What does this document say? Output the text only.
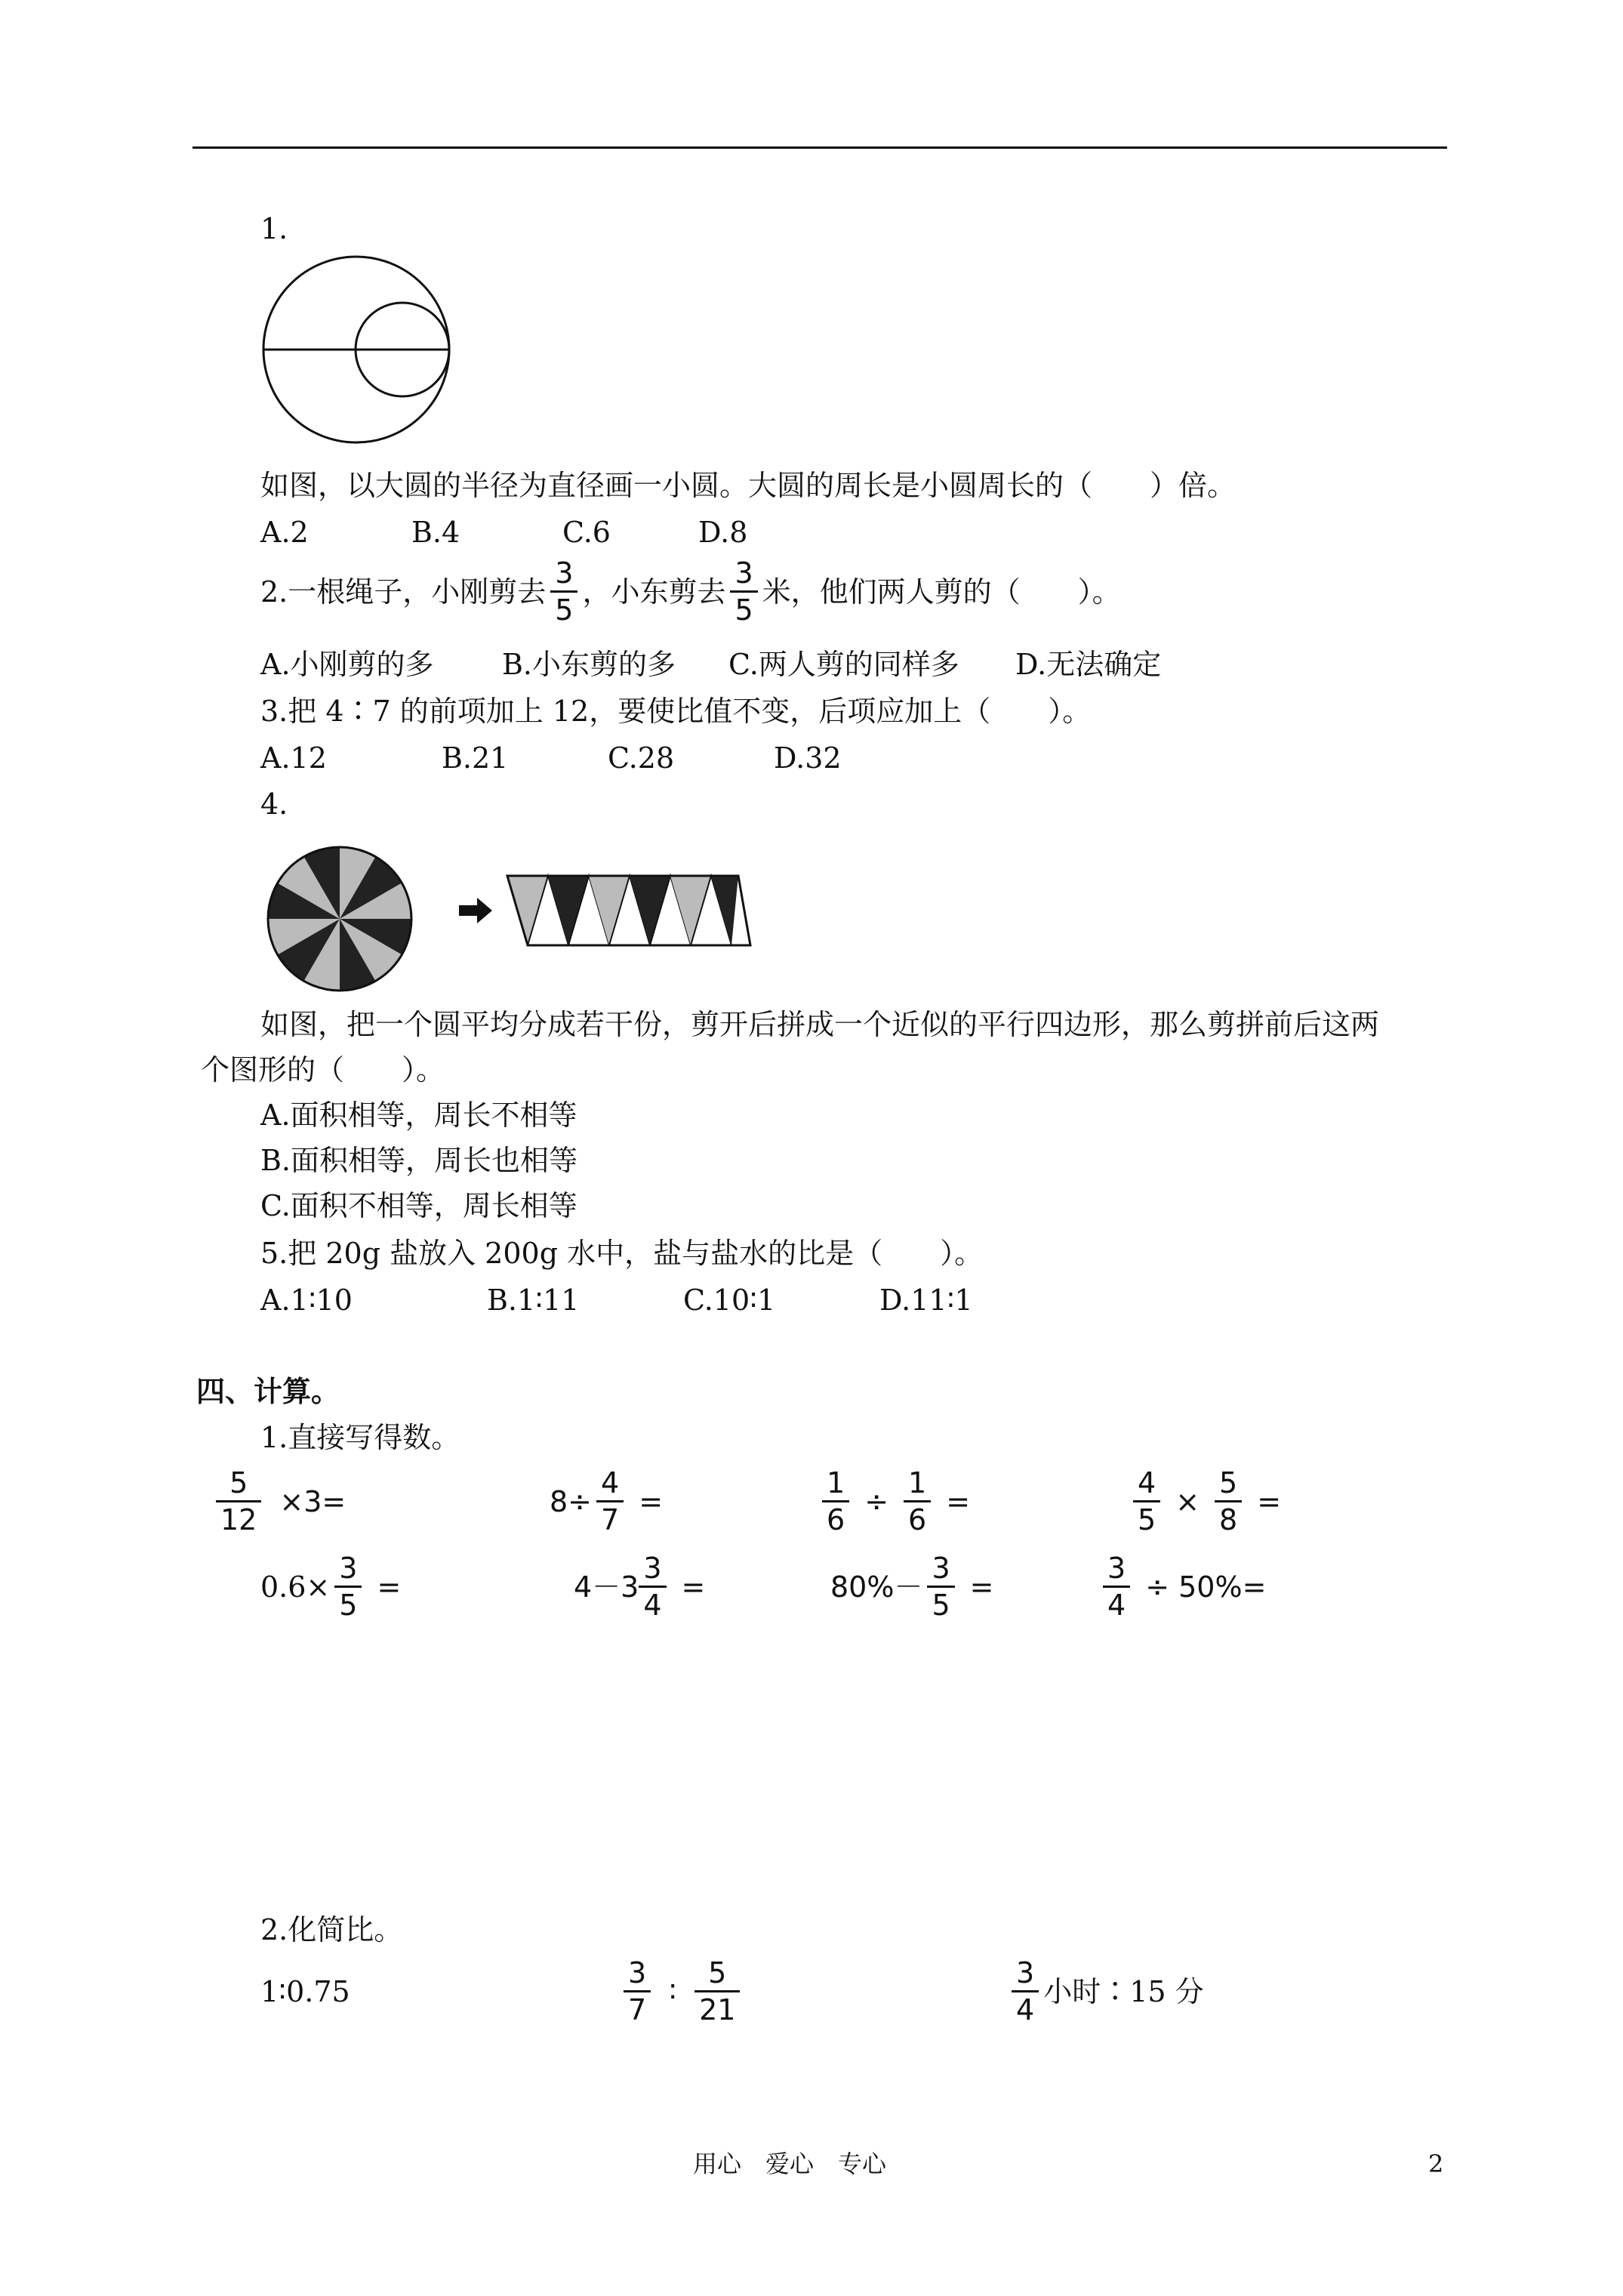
1.
如图，以大圆的半径为直径画一小圆。大圆的周长是小圆周长的（　　）倍。
A.2	B.4	C.6	D.8
2.一根绳子，小刚剪去 $\frac{3}{5}$ ，小东剪去 $\frac{3}{5}$ 米，他们两人剪的（　　）。
A.小刚剪的多 B.小东剪的多 C.两人剪的同样多 D.无法确定
3.把 4∶7 的前项加上 12，要使比值不变，后项应加上（　　）。
A.12	B.21	C.28	D.32
4.
如图，把一个圆平均分成若干份，剪开后拼成一个近似的平行四边形，那么剪拼前后这两
个图形的（　　）。
A.面积相等，周长不相等
B.面积相等，周长也相等
C.面积不相等，周长相等
5.把 20g 盐放入 200g 水中，盐与盐水的比是（　　）。
A.1∶10	B.1∶11	C.10∶1	D.11∶1
四、计算。
1.直接写得数。
$\frac{5}{12} \times 3=$	$8\div \frac{4}{7}$ =	$\frac{1}{6} \div \frac{1}{6}$ =	$\frac{4}{5} \times \frac{5}{8}$ =
$0.6\times \frac{3}{5}$ =	$4-3 \frac{3}{4}$ =	$80\%- \frac{3}{5}$ =	$\frac{3}{4} \div 50\%=$
2.化简比。
1∶0.75	$\frac{3}{7}$ ∶ $\frac{5}{21}$	$\frac{3}{4}$ 小时∶15 分
用心　爱心　专心	2
